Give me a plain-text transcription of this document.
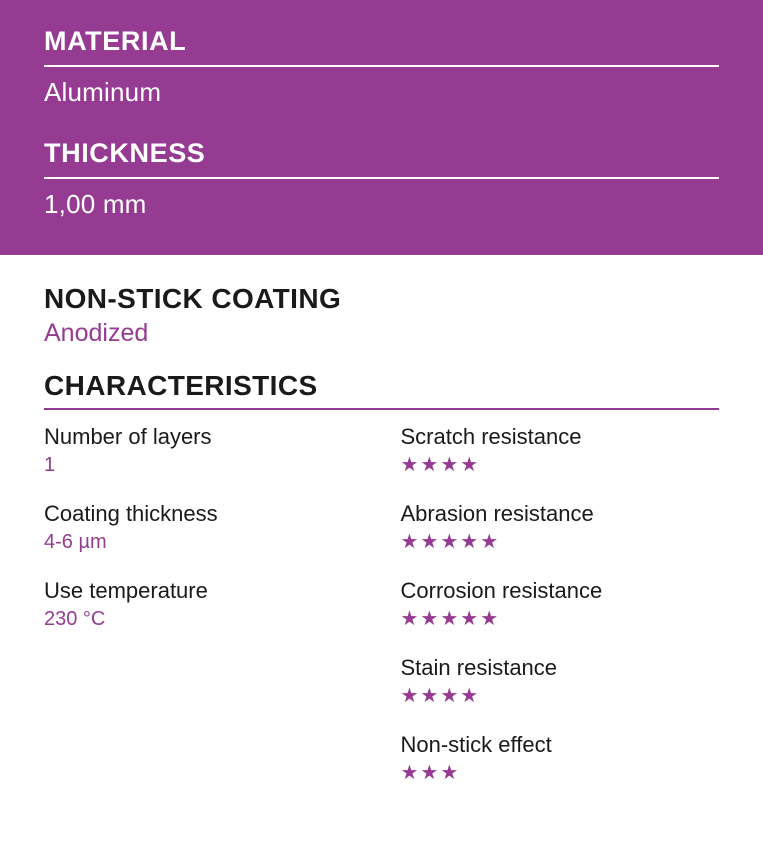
MATERIAL
Aluminum
THICKNESS
1,00 mm
NON-STICK COATING
Anodized
CHARACTERISTICS
Number of layers
1
Coating thickness
4-6 µm
Use temperature
230 °C
Scratch resistance
★★★★
Abrasion resistance
★★★★★
Corrosion resistance
★★★★★
Stain resistance
★★★★
Non-stick effect
★★★
